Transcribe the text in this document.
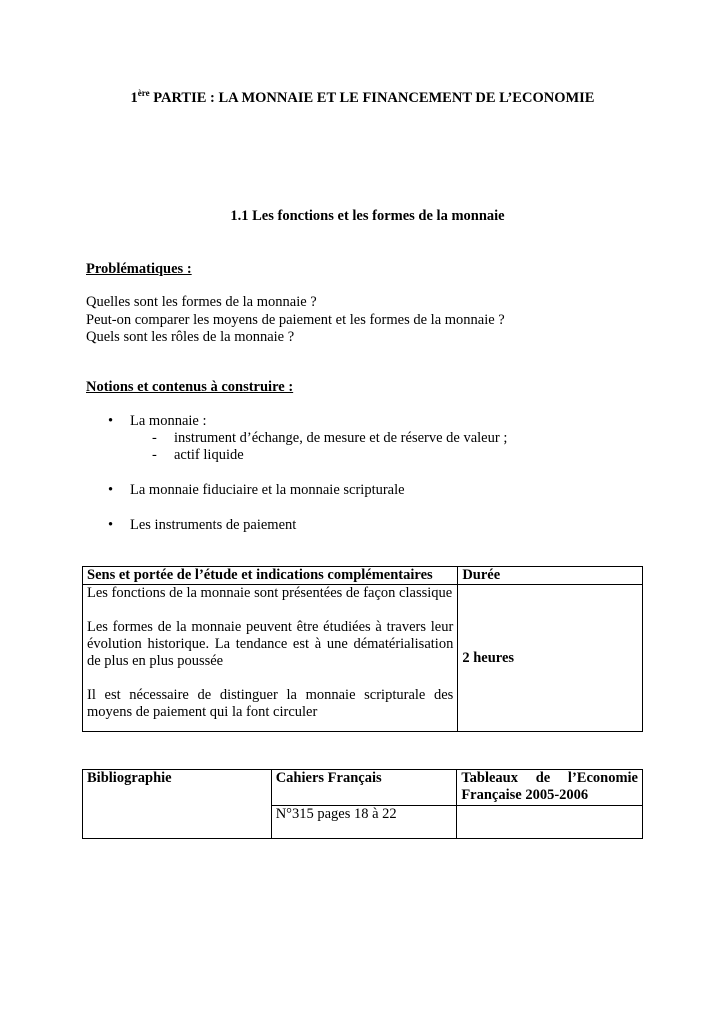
1ère PARTIE : LA MONNAIE ET LE FINANCEMENT DE L’ECONOMIE
1.1 Les fonctions et les formes de la monnaie
Problématiques :
Quelles sont les formes de la monnaie ?
Peut-on comparer les moyens de paiement et les formes de la monnaie ?
Quels sont les rôles de la monnaie ?
Notions et contenus à construire :
• La monnaie :
- instrument d’échange, de mesure et de réserve de valeur ;
- actif liquide
• La monnaie fiduciaire et la monnaie scripturale
• Les instruments de paiement
Sens et portée de l’étude et indications complémentaires	Durée

Les fonctions de la monnaie sont présentées de façon classique

Les formes de la monnaie peuvent être étudiées à travers leur évolution historique. La tendance est à une dématérialisation de plus en plus poussée

Il est nécessaire de distinguer la monnaie scripturale des moyens de paiement qui la font circuler	2 heures
Bibliographie	Cahiers Français	Tableaux de l’Economie
Française 2005-2006

	N°315 pages 18 à 22	
